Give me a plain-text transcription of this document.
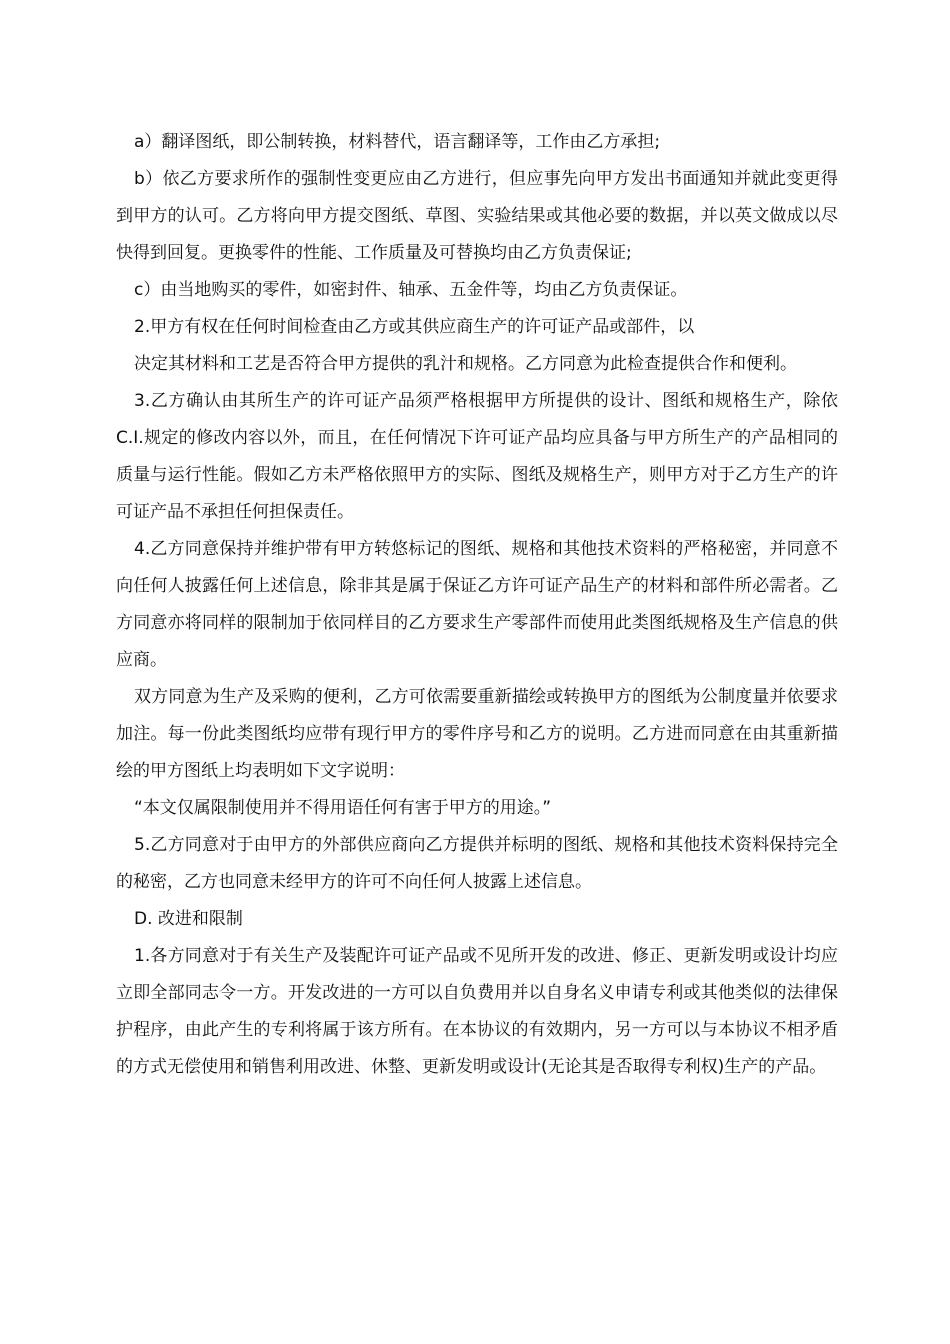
a）翻译图纸，即公制转换，材料替代，语言翻译等，工作由乙方承担;

b）依乙方要求所作的强制性变更应由乙方进行，但应事先向甲方发出书面通知并就此变更得到甲方的认可。乙方将向甲方提交图纸、草图、实验结果或其他必要的数据，并以英文做成以尽快得到回复。更换零件的性能、工作质量及可替换均由乙方负责保证;

c）由当地购买的零件，如密封件、轴承、五金件等，均由乙方负责保证。

2.甲方有权在任何时间检查由乙方或其供应商生产的许可证产品或部件，以

决定其材料和工艺是否符合甲方提供的乳汁和规格。乙方同意为此检查提供合作和便利。

3.乙方确认由其所生产的许可证产品须严格根据甲方所提供的设计、图纸和规格生产，除依C.I.规定的修改内容以外，而且，在任何情况下许可证产品均应具备与甲方所生产的产品相同的质量与运行性能。假如乙方未严格依照甲方的实际、图纸及规格生产，则甲方对于乙方生产的许可证产品不承担任何担保责任。

4.乙方同意保持并维护带有甲方转悠标记的图纸、规格和其他技术资料的严格秘密，并同意不向任何人披露任何上述信息，除非其是属于保证乙方许可证产品生产的材料和部件所必需者。乙方同意亦将同样的限制加于依同样目的乙方要求生产零部件而使用此类图纸规格及生产信息的供应商。

双方同意为生产及采购的便利，乙方可依需要重新描绘或转换甲方的图纸为公制度量并依要求加注。每一份此类图纸均应带有现行甲方的零件序号和乙方的说明。乙方进而同意在由其重新描绘的甲方图纸上均表明如下文字说明：

“本文仅属限制使用并不得用语任何有害于甲方的用途。”

5.乙方同意对于由甲方的外部供应商向乙方提供并标明的图纸、规格和其他技术资料保持完全的秘密，乙方也同意未经甲方的许可不向任何人披露上述信息。

D. 改进和限制

1.各方同意对于有关生产及装配许可证产品或不见所开发的改进、修正、更新发明或设计均应立即全部同志令一方。开发改进的一方可以自负费用并以自身名义申请专利或其他类似的法律保护程序，由此产生的专利将属于该方所有。在本协议的有效期内，另一方可以与本协议不相矛盾的方式无偿使用和销售利用改进、休整、更新发明或设计(无论其是否取得专利权)生产的产品。
